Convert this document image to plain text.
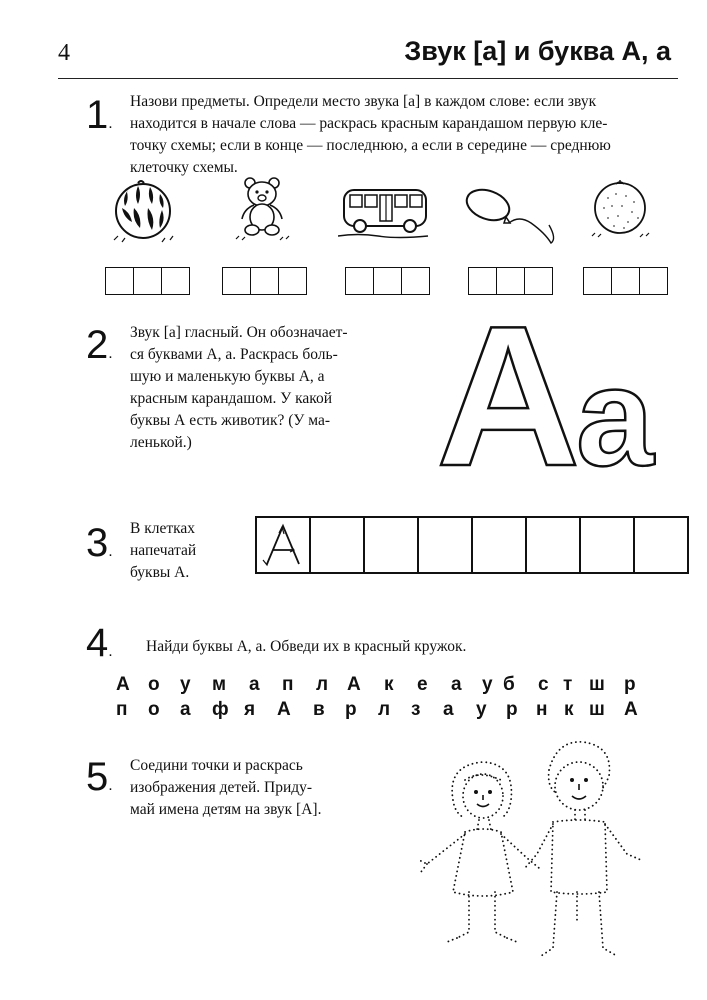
4	Звук [а] и буква А, а
1.
Назови предметы. Определи место звука [а] в каждом слове: если звук
находится в начале слова — раскрась красным карандашом первую кле-
точку схемы; если в конце — последнюю, а если в середине — среднюю
клеточку схемы.
2.
Звук [а] гласный. Он обозначает-
ся буквами А, а. Раскрась боль-
шую и маленькую буквы А, а
красным карандашом. У какой
буквы А есть животик? (У ма-
ленькой.)	A
a
3.
В клетках
напечатай
буквы А.
4. Найди буквы А, а. Обведи их в красный кружок.
А о у м а п л А к е а у б с т ш р
п о а ф я А в р л з а у р н к ш А
5.
Соедини точки и раскрась
изображения детей. Приду-
май имена детям на звук [А].
